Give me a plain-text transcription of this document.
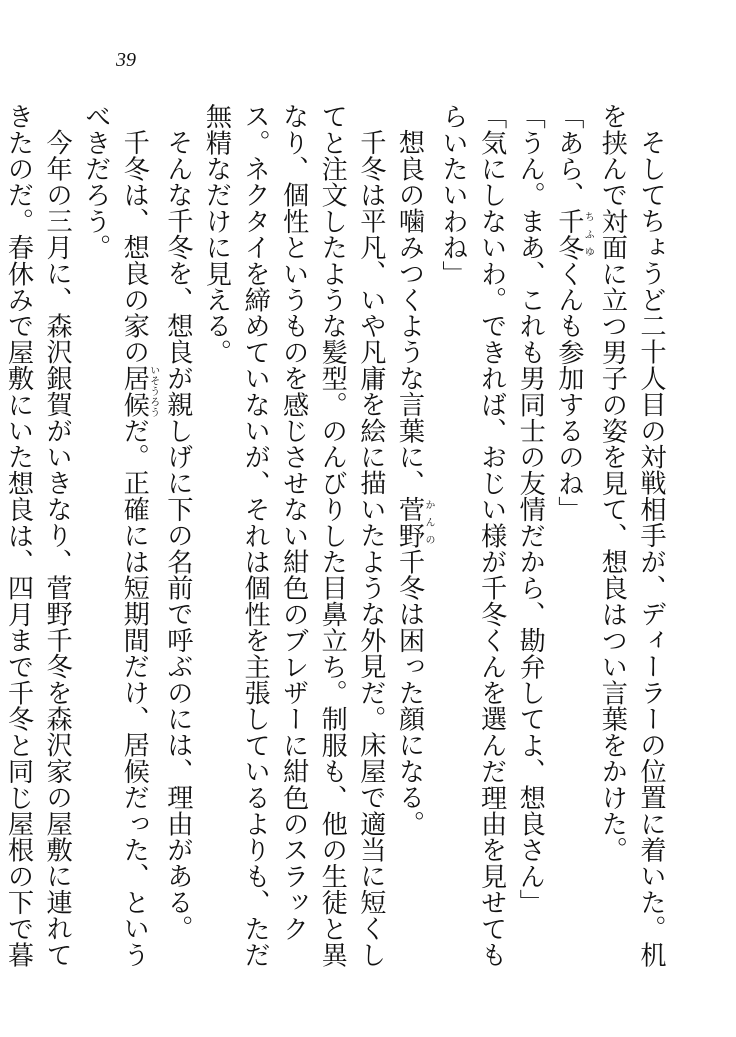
39

そしてちょうど二十人目の対戦相手が、ディーラーの位置に着いた。机を挟んで対面に立つ男子の姿を見て、想良はつい言葉をかけた。

「あら、千冬ちふゆくんも参加するのね」

「うん。まあ、これも男同士の友情だから、勘弁してよ、想良さん」

「気にしないわ。できれば、おじい様が千冬くんを選んだ理由を見せてもらいたいわね」

想良の噛みつくような言葉に、菅野かんの千冬は困った顔になる。

千冬は平凡、いや凡庸を絵に描いたような外見だ。床屋で適当に短くしてと注文したような髪型。のんびりした目鼻立ち。制服も、他の生徒と異なり、個性というものを感じさせない紺色のブレザーに紺色のスラックス。ネクタイを締めていないが、それは個性を主張しているよりも、ただ無精なだけに見える。

そんな千冬を、想良が親しげに下の名前で呼ぶのには、理由がある。

千冬は、想良の家の居候いそうろうだ。正確には短期間だけ、居候だった、というべきだろう。

今年の三月に、森沢銀賀がいきなり、菅野千冬を森沢家の屋敷に連れてきたのだ。春休みで屋敷にいた想良は、四月まで千冬と同じ屋根の下で暮
